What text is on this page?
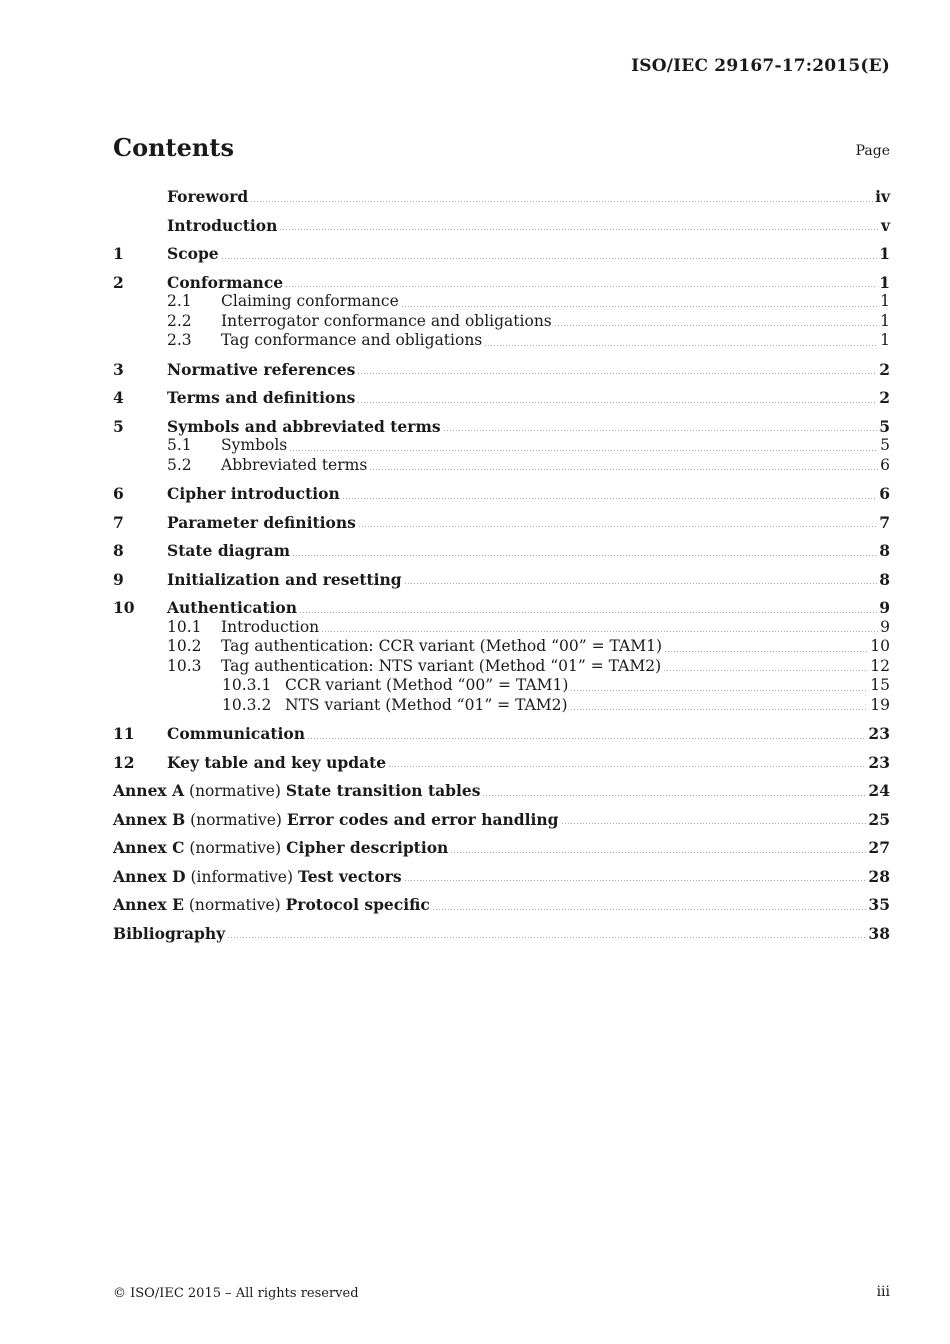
ISO/IEC 29167-17:2015(E)
Contents	Page
Foreword	iv
Introduction	v
1	Scope	1
2	Conformance	1
2.1	Claiming conformance	1
2.2	Interrogator conformance and obligations	1
2.3	Tag conformance and obligations	1
3	Normative references	2
4	Terms and definitions	2
5	Symbols and abbreviated terms	5
5.1	Symbols	5
5.2	Abbreviated terms	6
6	Cipher introduction	6
7	Parameter definitions	7
8	State diagram	8
9	Initialization and resetting	8
10	Authentication	9
10.1	Introduction	9
10.2	Tag authentication: CCR variant (Method “00” = TAM1)	10
10.3	Tag authentication: NTS variant (Method “01” = TAM2)	12
10.3.1 CCR variant (Method “00” = TAM1)	15
10.3.2 NTS variant (Method “01” = TAM2)	19
11	Communication	23
12	Key table and key update	23
Annex A (normative) State transition tables	24
Annex B (normative) Error codes and error handling	25
Annex C (normative) Cipher description	27
Annex D (informative) Test vectors	28
Annex E (normative) Protocol specific	35
Bibliography	38
© ISO/IEC 2015 – All rights reserved	iii
